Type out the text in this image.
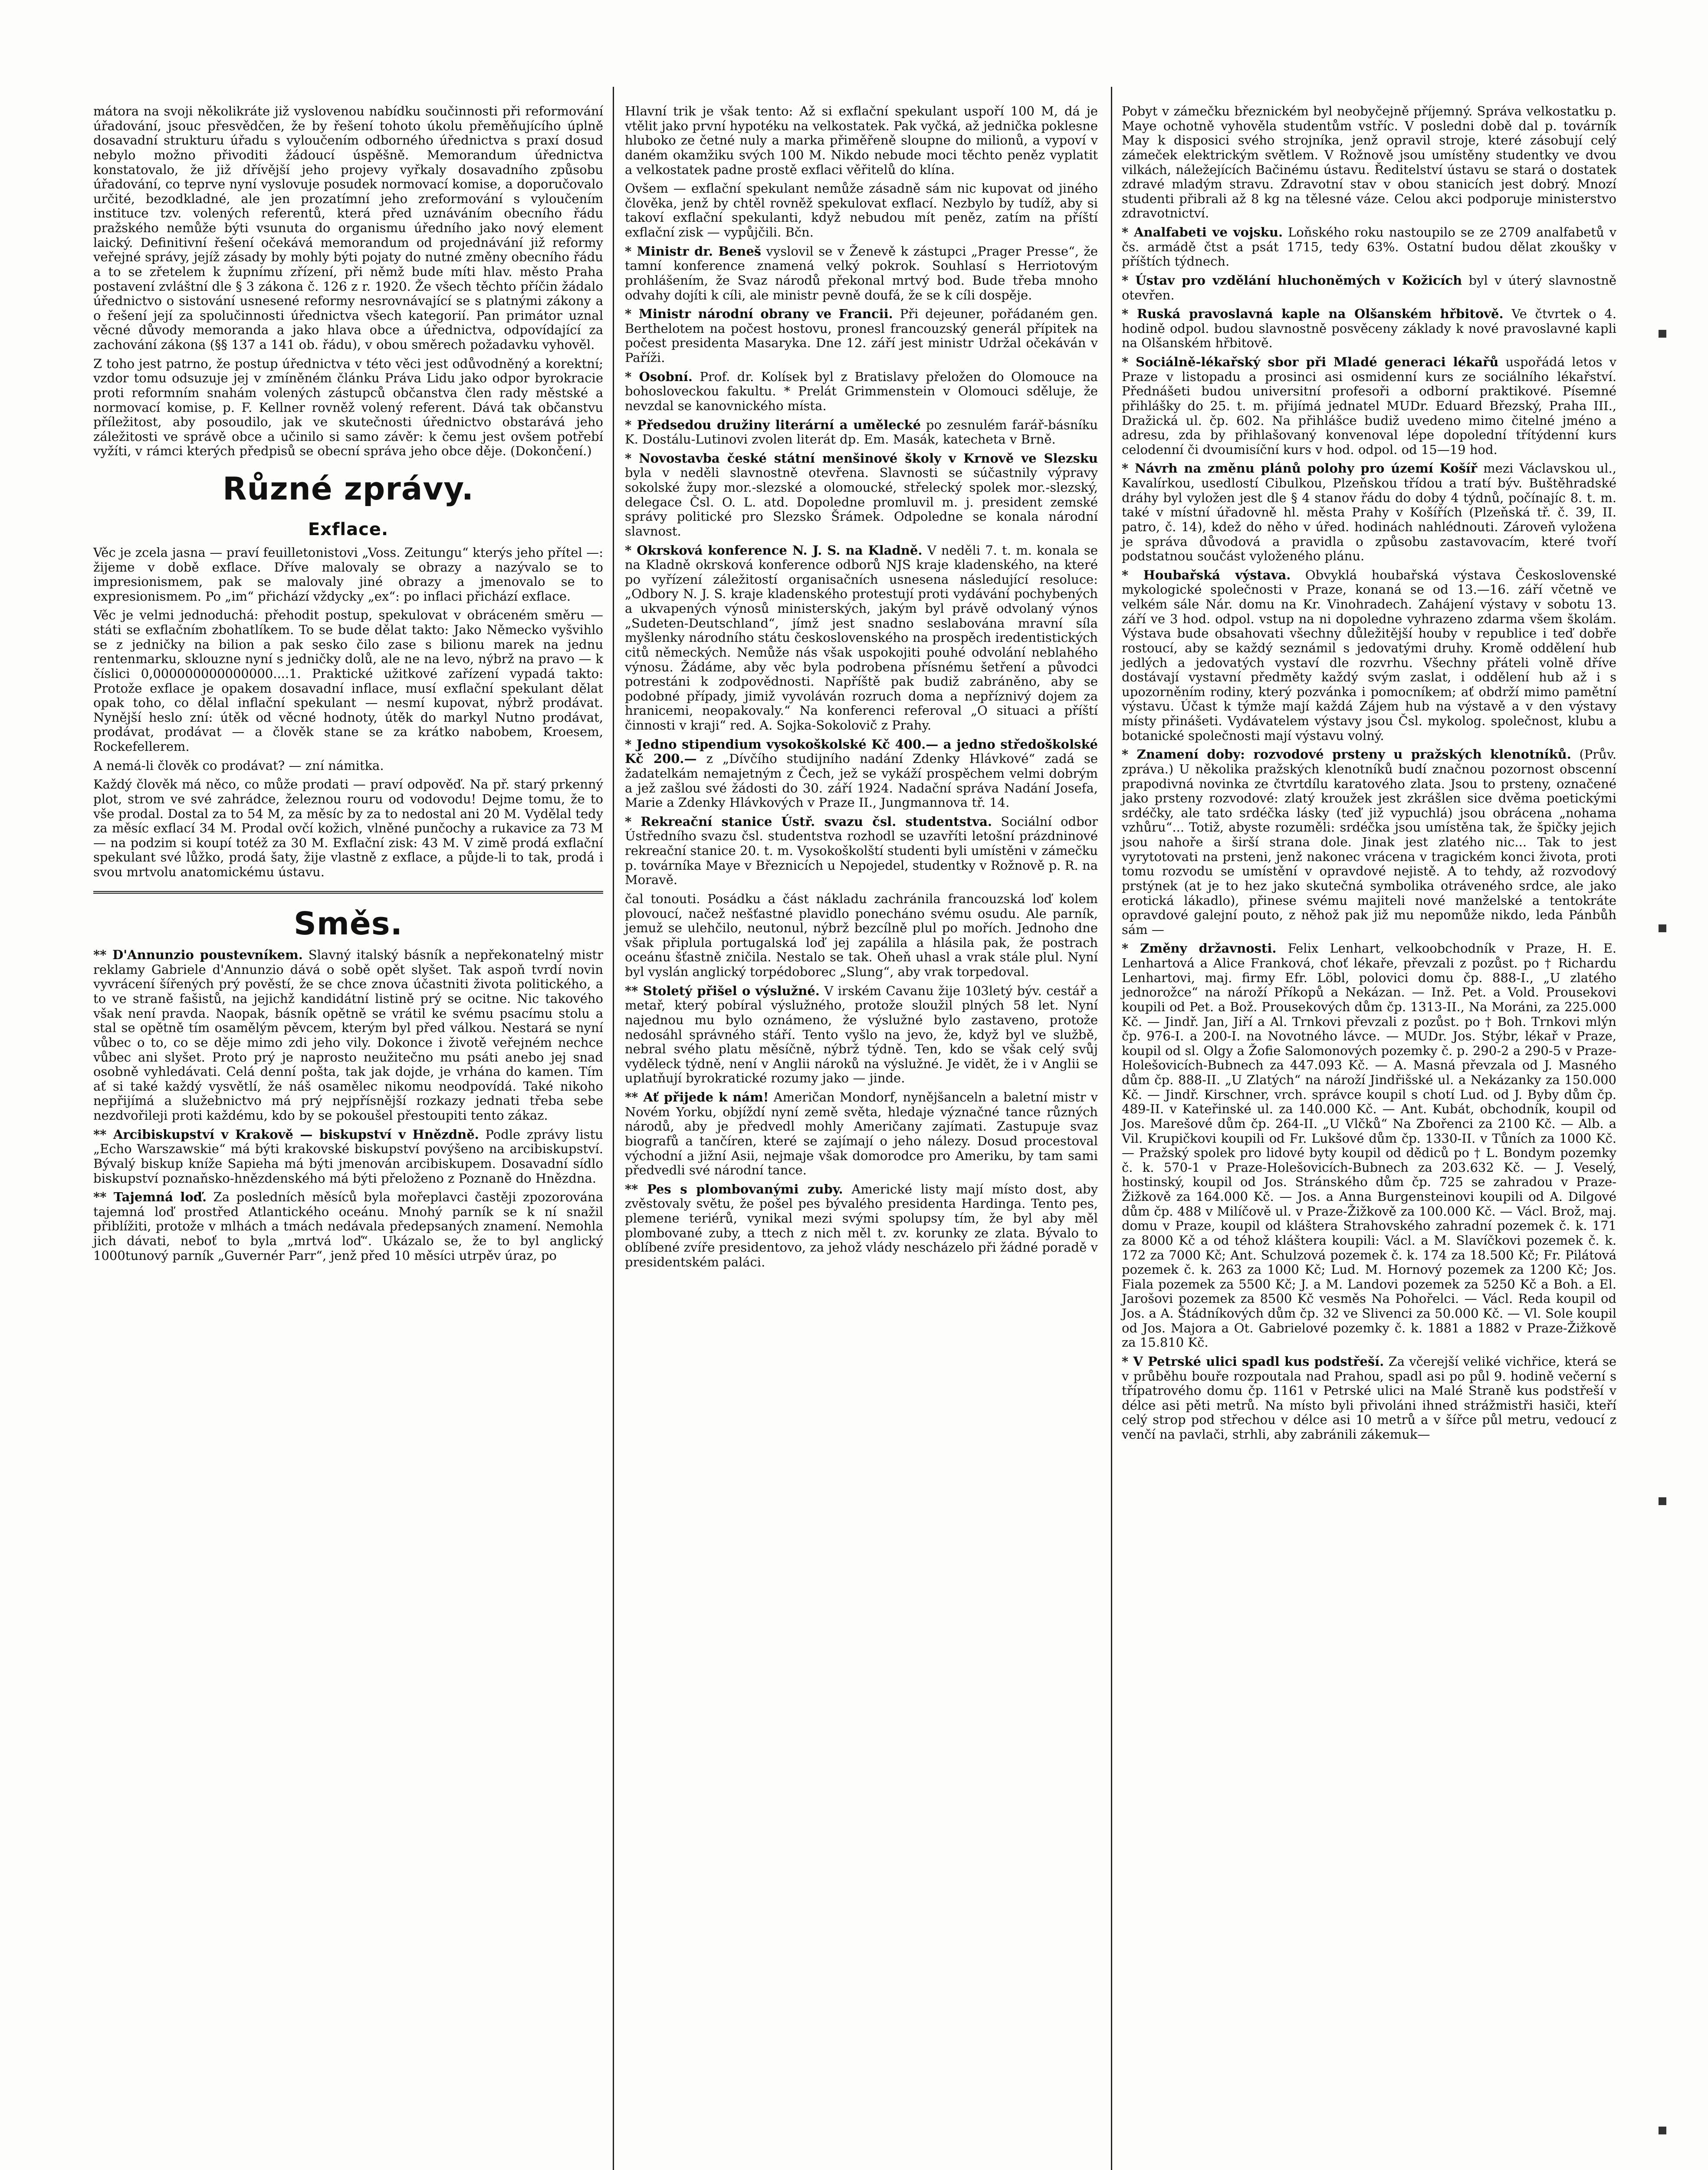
mátora na svoji několikráte již vyslovenou nabídku součinnosti při reformování úřadování, jsouc přesvědčen, že by řešení tohoto úkolu přeměňujícího úplně dosavadní strukturu úřadu s vyloučením odborného úřednictva s praxí dosud nebylo možno přivoditi žádoucí úspěšně. Memorandum úřednictva konstatovalo, že již dřívější jeho projevy vyřkaly dosavadního způsobu úřadování, co teprve nyní vyslovuje posudek normovací komise, a doporučovalo určité, bezodkladné, ale jen prozatímní jeho zreformování s vyloučením instituce tzv. volených referentů, která před uznáváním obecního řádu pražského nemůže býti vsunuta do organismu úředního jako nový element laický. Definitivní řešení očekává memorandum od projednávání již reformy veřejné správy, jejíž zásady by mohly býti pojaty do nutné změny obecního řádu a to se zřetelem k župnímu zřízení, při němž bude míti hlav. město Praha postavení zvláštní dle § 3 zákona č. 126 z r. 1920. Že všech těchto příčin žádalo úřednictvo o sistování usnesené reformy nesrovnávající se s platnými zákony a o řešení její za spolučinnosti úřednictva všech kategorií. Pan primátor uznal věcné důvody memoranda a jako hlava obce a úřednictva, odpovídající za zachování zákona (§§ 137 a 141 ob. řádu), v obou směrech požadavku vyhověl.

Z toho jest patrno, že postup úřednictva v této věci jest odůvodněný a korektní; vzdor tomu odsuzuje jej v zmíněném článku Práva Lidu jako odpor byrokracie proti reformním snahám volených zástupců občanstva člen rady městské a normovací komise, p. F. Kellner rovněž volený referent. Dává tak občanstvu příležitost, aby posoudilo, jak ve skutečnosti úřednictvo obstarává jeho záležitosti ve správě obce a učinilo si samo závěr: k čemu jest ovšem potřebí vyžíti, v rámci kterých předpisů se obecní správa jeho obce děje. (Dokončení.)

Různé zprávy.
Exflace.

Věc je zcela jasna — praví feuilletonistovi „Voss. Zeitungu“ kterýs jeho přítel —: žijeme v době exflace. Dříve malovaly se obrazy a nazývalo se to impresionismem, pak se malovaly jiné obrazy a jmenovalo se to expresionismem. Po „im“ přichází vždycky „ex“: po inflaci přichází exflace.

Věc je velmi jednoduchá: přehodit postup, spekulovat v obráceném směru — státi se exflačním zbohatlíkem. To se bude dělat takto: Jako Německo vyšvihlo se z jedničky na bilion a pak sesko čilo zase s bilionu marek na jednu rentenmarku, sklouzne nyní s jedničky dolů, ale ne na levo, nýbrž na pravo — k číslici 0,000000000000000....1. Praktické užitkové zařízení vypadá takto: Protože exflace je opakem dosavadní inflace, musí exflační spekulant dělat opak toho, co dělal inflační spekulant — nesmí kupovat, nýbrž prodávat. Nynější heslo zní: útěk od věcné hodnoty, útěk do markyl Nutno prodávat, prodávat, prodávat — a člověk stane se za krátko nabobem, Kroesem, Rockefellerem.

A nemá-li člověk co prodávat? — zní námitka.

Každý člověk má něco, co může prodati — praví odpověď. Na př. starý prkenný plot, strom ve své zahrádce, železnou rouru od vodovodu! Dejme tomu, že to vše prodal. Dostal za to 54 M, za měsíc by za to nedostal ani 20 M. Vydělal tedy za měsíc exflací 34 M. Prodal ovčí kožich, vlněné punčochy a rukavice za 73 M — na podzim si koupí totéž za 30 M. Exflační zisk: 43 M. V zimě prodá exflační spekulant své lůžko, prodá šaty, žije vlastně z exflace, a půjde-li to tak, prodá i svou mrtvolu anatomickému ústavu.

Směs.

** D'Annunzio poustevníkem. Slavný italský básník a nepřekonatelný mistr reklamy Gabriele d'Annunzio dává o sobě opět slyšet. Tak aspoň tvrdí novin vyvrácení šířených prý pověstí, že se chce znova účastniti života politického, a to ve straně fašistů, na jejichž kandidátní listině prý se ocitne. Nic takového však není pravda. Naopak, básník opětně se vrátil ke svému psacímu stolu a stal se opětně tím osamělým pěvcem, kterým byl před válkou. Nestará se nyní vůbec o to, co se děje mimo zdi jeho vily. Dokonce i životě veřejném nechce vůbec ani slyšet. Proto prý je naprosto neužitečno mu psáti anebo jej snad osobně vyhledávati. Celá denní pošta, tak jak dojde, je vrhána do kamen. Tím ať si také každý vysvětlí, že náš osamělec nikomu neodpovídá. Také nikoho nepřijímá a služebnictvo má prý nejpřísnější rozkazy jednati třeba sebe nezdvořileji proti každému, kdo by se pokoušel přestoupiti tento zákaz.

** Arcibiskupství v Krakově — biskupství v Hnězdně. Podle zprávy listu „Echo Warszawskie“ má býti krakovské biskupství povýšeno na arcibiskupství. Bývalý biskup kníže Sapieha má býti jmenován arcibiskupem. Dosavadní sídlo biskupství poznaňsko-hnězdenského má býti přeloženo z Poznaně do Hnězdna.

** Tajemná loď. Za posledních měsíců byla mořeplavci častěji zpozorována tajemná loď prostřed Atlantického oceánu. Mnohý parník se k ní snažil přiblížiti, protože v mlhách a tmách nedávala předepsaných znamení. Nemohla jich dávati, neboť to byla „mrtvá loď“. Ukázalo se, že to byl anglický 1000tunový parník „Guvernér Parr“, jenž před 10 měsíci utrpěv úraz, po

Hlavní trik je však tento: Až si exflační spekulant uspoří 100 M, dá je vtělit jako první hypotéku na velkostatek. Pak vyčká, až jednička poklesne hluboko ze četné nuly a marka přiměřeně sloupne do milionů, a vypoví v daném okamžiku svých 100 M. Nikdo nebude moci těchto peněz vyplatit a velkostatek padne prostě exflaci věřitelů do klína.

Ovšem — exflační spekulant nemůže zásadně sám nic kupovat od jiného člověka, jenž by chtěl rovněž spekulovat exflací. Nezbylo by tudíž, aby si takoví exflační spekulanti, když nebudou mít peněz, zatím na příští exflační zisk — vypůjčili. Bčn.

* Ministr dr. Beneš vyslovil se v Ženevě k zástupci „Prager Presse“, že tamní konference znamená velký pokrok. Souhlasí s Herriotovým prohlášením, že Svaz národů překonal mrtvý bod. Bude třeba mnoho odvahy dojíti k cíli, ale ministr pevně doufá, že se k cíli dospěje.

* Ministr národní obrany ve Francii. Při dejeuner, pořádaném gen. Berthelotem na počest hostovu, pronesl francouzský generál přípitek na počest presidenta Masaryka. Dne 12. září jest ministr Udržal očekáván v Paříži.

* Osobní. Prof. dr. Kolísek byl z Bratislavy přeložen do Olomouce na bohosloveckou fakultu. * Prelát Grimmenstein v Olomouci sděluje, že nevzdal se kanovnického místa.

* Předsedou družiny literární a umělecké po zesnulém farář-básníku K. Dostálu-Lutinovi zvolen literát dp. Em. Masák, katecheta v Brně.

* Novostavba české státní menšinové školy v Krnově ve Slezsku byla v neděli slavnostně otevřena. Slavnosti se súčastnily výpravy sokolské župy mor.-slezské a olomoucké, střelecký spolek mor.-slezský, delegace Čsl. O. L. atd. Dopoledne promluvil m. j. president zemské správy politické pro Slezsko Šrámek. Odpoledne se konala národní slavnost.

* Okrsková konference N. J. S. na Kladně. V neděli 7. t. m. konala se na Kladně okrsková konference odborů NJS kraje kladenského, na které po vyřízení záležitostí organisačních usnesena následující resoluce: „Odbory N. J. S. kraje kladenského protestují proti vydávání pochybených a ukvapených výnosů ministerských, jakým byl právě odvolaný výnos „Sudeten-Deutschland“, jímž jest snadno seslabována mravní síla myšlenky národního státu československého na prospěch iredentistických citů německých. Nemůže nás však uspokojiti pouhé odvolání neblahého výnosu. Žádáme, aby věc byla podrobena přísnému šetření a původci potrestáni k zodpovědnosti. Napříště pak budiž zabráněno, aby se podobné případy, jimiž vyvoláván rozruch doma a nepříznivý dojem za hranicemi, neopakovaly.“ Na konferenci referoval „O situaci a příští činnosti v kraji“ red. A. Sojka-Sokolovič z Prahy.

* Jedno stipendium vysokoškolské Kč 400.— a jedno středoškolské Kč 200.— z „Dívčího studijního nadání Zdenky Hlávkové“ zadá se žadatelkám nemajetným z Čech, jež se vykáží prospěchem velmi dobrým a jež zašlou své žádosti do 30. září 1924. Nadační správa Nadání Josefa, Marie a Zdenky Hlávkových v Praze II., Jungmannova tř. 14.

* Rekreační stanice Ústř. svazu čsl. studentstva. Sociální odbor Ústředního svazu čsl. studentstva rozhodl se uzavříti letošní prázdninové rekreační stanice 20. t. m. Vysokoškolští studenti byli umístěni v zámečku p. továrníka Maye v Březnicích u Nepojedel, studentky v Rožnově p. R. na Moravě.

čal tonouti. Posádku a část nákladu zachránila francouzská loď kolem plovoucí, načež nešťastné plavidlo ponecháno svému osudu. Ale parník, jemuž se ulehčilo, neutonul, nýbrž bezcílně plul po mořích. Jednoho dne však připlula portugalská loď jej zapálila a hlásila pak, že postrach oceánu šťastně zničila. Nestalo se tak. Oheň uhasl a vrak stále plul. Nyní byl vyslán anglický torpédoborec „Slung“, aby vrak torpedoval.

** Stoletý přišel o výslužné. V irském Cavanu žije 103letý býv. cestář a metař, který pobíral výslužného, protože sloužil plných 58 let. Nyní najednou mu bylo oznámeno, že výslužné bylo zastaveno, protože nedosáhl správného stáří. Tento vyšlo na jevo, že, když byl ve službě, nebral svého platu měsíčně, nýbrž týdně. Ten, kdo se však celý svůj vyděleck týdně, není v Anglii nároků na výslužné. Je vidět, že i v Anglii se uplatňují byrokratické rozumy jako — jinde.

** Ať přijede k nám! Američan Mondorf, nynějšanceln a baletní mistr v Novém Yorku, objíždí nyní země světa, hledaje význačné tance různých národů, aby je předvedl mohly Američany zajímati. Zastupuje svaz biografů a tančíren, které se zajímají o jeho nálezy. Dosud procestoval východní a jižní Asii, nejmaje však domorodce pro Ameriku, by tam sami předvedli své národní tance.

** Pes s plombovanými zuby. Americké listy mají místo dost, aby zvěstovaly světu, že pošel pes bývalého presidenta Hardinga. Tento pes, plemene teriérů, vynikal mezi svými spolupsy tím, že byl aby měl plombované zuby, a ttech z nich měl t. zv. korunky ze zlata. Bývalo to oblíbené zvíře presidentovo, za jehož vlády nescházelo při žádné poradě v presidentském paláci.

Pobyt v zámečku březnickém byl neobyčejně příjemný. Správa velkostatku p. Maye ochotně vyhověla studentům vstříc. V posledni době dal p. továrník May k disposici svého strojníka, jenž opravil stroje, které zásobují celý zámeček elektrickým světlem. V Rožnově jsou umístěny studentky ve dvou vilkách, náležejících Bačinému ústavu. Ředitelství ústavu se stará o dostatek zdravé mladým stravu. Zdravotní stav v obou stanicích jest dobrý. Mnozí studenti přibrali až 8 kg na tělesné váze. Celou akci podporuje ministerstvo zdravotnictví.

* Analfabeti ve vojsku. Loňského roku nastoupilo se ze 2709 analfabetů v čs. armádě čtst a psát 1715, tedy 63%. Ostatní budou dělat zkoušky v příštích týdnech.

* Ústav pro vzdělání hluchoněmých v Kožicích byl v úterý slavnostně otevřen.

* Ruská pravoslavná kaple na Olšanském hřbitově. Ve čtvrtek o 4. hodině odpol. budou slavnostně posvěceny základy k nové pravoslavné kapli na Olšanském hřbitově.

* Sociálně-lékařský sbor při Mladé generaci lékařů uspořádá letos v Praze v listopadu a prosinci asi osmidenní kurs ze sociálního lékařství. Přednášeti budou universitní profesoři a odborní praktikové. Písemné přihlášky do 25. t. m. přijímá jednatel MUDr. Eduard Březský, Praha III., Dražická ul. čp. 602. Na přihlášce budiž uvedeno mimo čitelné jméno a adresu, zda by přihlašovaný konvenoval lépe dopolední třítýdenní kurs celodenní či dvoumisíční kurs v hod. odpol. od 15—19 hod.

* Návrh na změnu plánů polohy pro území Košíř mezi Václavskou ul., Kavalírkou, usedlostí Cibulkou, Plzeňskou třídou a tratí býv. Buštěhradské dráhy byl vyložen jest dle § 4 stanov řádu do doby 4 týdnů, počínajíc 8. t. m. také v místní úřadovně hl. města Prahy v Košířích (Plzeňská tř. č. 39, II. patro, č. 14), kdež do něho v úřed. hodinách nahlédnouti. Zároveň vyložena je správa důvodová a pravidla o způsobu zastavovacím, které tvoří podstatnou součást vyloženého plánu.

* Houbařská výstava. Obvyklá houbařská výstava Československé mykologické společnosti v Praze, konaná se od 13.—16. září včetně ve velkém sále Nár. domu na Kr. Vinohradech. Zahájení výstavy v sobotu 13. září ve 3 hod. odpol. vstup na ni dopoledne vyhrazeno zdarma všem školám. Výstava bude obsahovati všechny důležitější houby v republice i teď dobře rostoucí, aby se každý seznámil s jedovatými druhy. Kromě oddělení hub jedlých a jedovatých vystaví dle rozvrhu. Všechny přáteli volně dříve dostávají vystavní předměty každý svým zaslat, i oddělení hub až i s upozorněním rodiny, který pozvánka i pomocníkem; ať obdrží mimo pamětní výstavu. Účast k týmže mají každá Zájem hub na výstavě a v den výstavy místy přinášeti. Vydávatelem výstavy jsou Čsl. mykolog. společnost, klubu a botanické společnosti mají výstavu volný.

* Znamení doby: rozvodové prsteny u pražských klenotníků. (Prův. zpráva.) U několika pražských klenotníků budí značnou pozornost obscenní prapodivná novinka ze čtvrtdílu karatového zlata. Jsou to prsteny, označené jako prsteny rozvodové: zlatý kroužek jest zkrášlen sice dvěma poetickými srdéčky, ale tato srdéčka lásky (teď již vypuchlá) jsou obrácena „nohama vzhůru“... Totiž, abyste rozuměli: srdéčka jsou umístěna tak, že špičky jejich jsou nahoře a širší strana dole. Jinak jest zlatého nic... Tak to jest vyrytotovati na prsteni, jenž nakonec vrácena v tragickém konci života, proti tomu rozvodu se umístění v opravdové nejistě. A to tehdy, až rozvodový prstýnek (at je to hez jako skutečná symbolika otráveného srdce, ale jako erotická lákadlo), přinese svému majiteli nové manželské a tentokráte opravdové galejní pouto, z něhož pak již mu nepomůže nikdo, leda Pánbůh sám —

* Změny državnosti. Felix Lenhart, velkoobchodník v Praze, H. E. Lenhartová a Alice Franková, choť lékaře, převzali z pozůst. po † Richardu Lenhartovi, maj. firmy Efr. Löbl, polovici domu čp. 888-I., „U zlatého jednorožce“ na nároží Příkopů a Nekázan. — Inž. Pet. a Vold. Prousekovi koupili od Pet. a Bož. Prousekových dům čp. 1313-II., Na Moráni, za 225.000 Kč. — Jindř. Jan, Jiří a Al. Trnkovi převzali z pozůst. po † Boh. Trnkovi mlýn čp. 976-I. a 200-I. na Novotného lávce. — MUDr. Jos. Stýbr, lékař v Praze, koupil od sl. Olgy a Žofie Salomonových pozemky č. p. 290-2 a 290-5 v Praze-Holešovicích-Bubnech za 447.093 Kč. — A. Masná převzala od J. Masného dům čp. 888-II. „U Zlatých“ na nároží Jindřišské ul. a Nekázanky za 150.000 Kč. — Jindř. Kirschner, vrch. správce koupil s chotí Lud. od J. Byby dům čp. 489-II. v Kateřinské ul. za 140.000 Kč. — Ant. Kubát, obchodník, koupil od Jos. Marešové dům čp. 264-II. „U Vlčků“ Na Zbořenci za 2100 Kč. — Alb. a Vil. Krupičkovi koupili od Fr. Lukšové dům čp. 1330-II. v Tůních za 1000 Kč. — Pražský spolek pro lidové byty koupil od dědiců po † L. Bondym pozemky č. k. 570-1 v Praze-Holešovicích-Bubnech za 203.632 Kč. — J. Veselý, hostinský, koupil od Jos. Stránského dům čp. 725 se zahradou v Praze-Žižkově za 164.000 Kč. — Jos. a Anna Burgensteinovi koupili od A. Dilgové dům čp. 488 v Milíčově ul. v Praze-Žižkově za 100.000 Kč. — Václ. Brož, maj. domu v Praze, koupil od kláštera Strahovského zahradní pozemek č. k. 171 za 8000 Kč a od téhož kláštera koupili: Václ. a M. Slavíčkovi pozemek č. k. 172 za 7000 Kč; Ant. Schulzová pozemek č. k. 174 za 18.500 Kč; Fr. Pilátová pozemek č. k. 263 za 1000 Kč; Lud. M. Hornový pozemek za 1200 Kč; Jos. Fiala pozemek za 5500 Kč; J. a M. Landovi pozemek za 5250 Kč a Boh. a El. Jarošovi pozemek za 8500 Kč vesměs Na Pohořelci. — Václ. Reda koupil od Jos. a A. Štádníkových dům čp. 32 ve Slivenci za 50.000 Kč. — Vl. Sole koupil od Jos. Majora a Ot. Gabrielové pozemky č. k. 1881 a 1882 v Praze-Žižkově za 15.810 Kč.

* V Petrské ulici spadl kus podstřeší. Za včerejší veliké vichřice, která se v průběhu bouře rozpoutala nad Prahou, spadl asi po půl 9. hodině večerní s třípatrového domu čp. 1161 v Petrské ulici na Malé Straně kus podstřeší v délce asi pěti metrů. Na místo byli přivoláni ihned strážmistři hasiči, kteří celý strop pod střechou v délce asi 10 metrů a v šířce půl metru, vedoucí z venčí na pavlači, strhli, aby zabránili zákemuk—
